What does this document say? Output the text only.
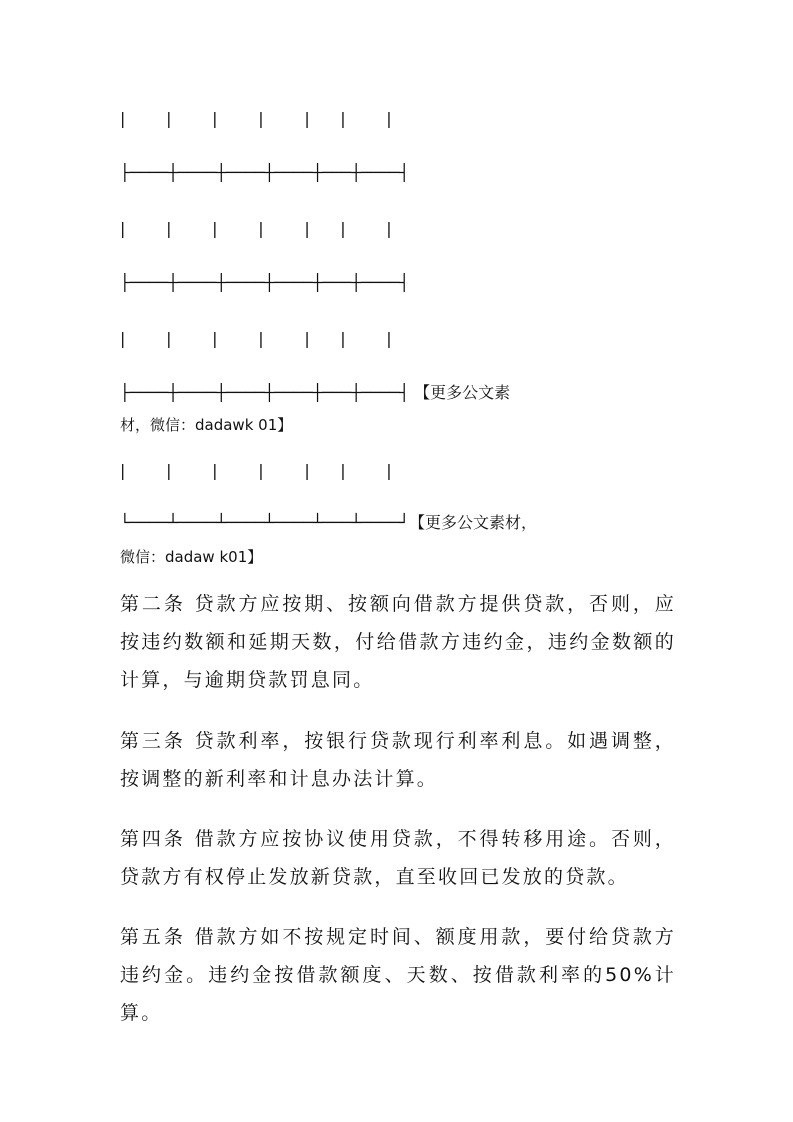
|        |        |        |        |      |        |
├────┼────┼────┼────┼───┼────┤
|        |        |        |        |      |        |
├────┼────┼────┼────┼───┼────┤
|        |        |        |        |      |        |
├────┼────┼────┼────┼───┼────┤ 【更多公文素
材，微信：dadawk 01】
|        |        |        |        |      |        |
└────┴────┴────┴────┴───┴────┘【更多公文素材，
微信：dadaw k01】
第二条 贷款方应按期、按额向借款方提供贷款，否则，应按违约数额和延期天数，付给借款方违约金，违约金数额的计算，与逾期贷款罚息同。
第三条 贷款利率，按银行贷款现行利率利息。如遇调整，按调整的新利率和计息办法计算。
第四条 借款方应按协议使用贷款，不得转移用途。否则，贷款方有权停止发放新贷款，直至收回已发放的贷款。
第五条 借款方如不按规定时间、额度用款，要付给贷款方违约金。违约金按借款额度、天数、按借款利率的50%计算。
